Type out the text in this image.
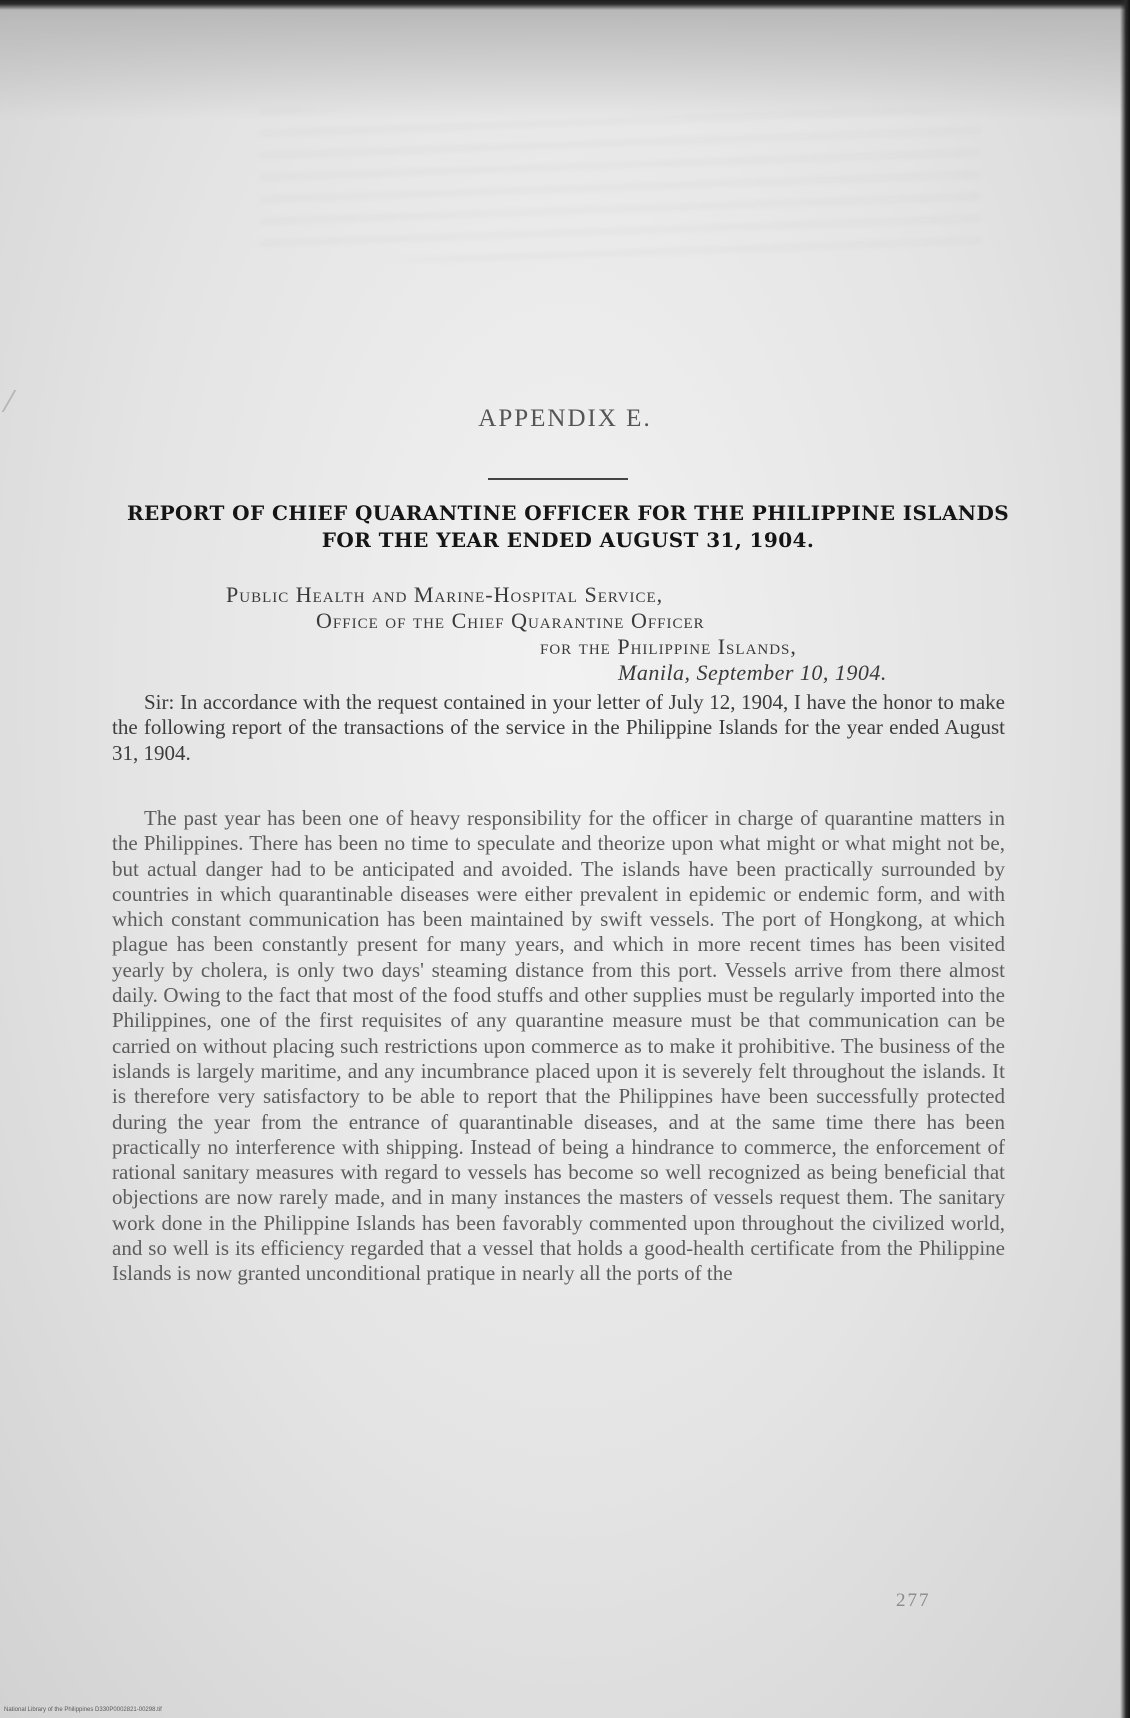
APPENDIX E.
REPORT OF CHIEF QUARANTINE OFFICER FOR THE PHILIPPINE ISLANDS FOR THE YEAR ENDED AUGUST 31, 1904.
Public Health and Marine-Hospital Service,
Office of the Chief Quarantine Officer
for the Philippine Islands,
Manila, September 10, 1904.

Sir: In accordance with the request contained in your letter of July 12, 1904, I have the honor to make the following report of the transactions of the service in the Philippine Islands for the year ended August 31, 1904.

The past year has been one of heavy responsibility for the officer in charge of quarantine matters in the Philippines. There has been no time to speculate and theorize upon what might or what might not be, but actual danger had to be anticipated and avoided. The islands have been practically surrounded by countries in which quarantinable diseases were either prevalent in epidemic or endemic form, and with which constant communication has been maintained by swift vessels. The port of Hongkong, at which plague has been constantly present for many years, and which in more recent times has been visited yearly by cholera, is only two days' steaming distance from this port. Vessels arrive from there almost daily. Owing to the fact that most of the food stuffs and other supplies must be regularly imported into the Philippines, one of the first requisites of any quarantine measure must be that communication can be carried on without placing such restrictions upon commerce as to make it prohibitive. The business of the islands is largely maritime, and any incumbrance placed upon it is severely felt throughout the islands. It is therefore very satisfactory to be able to report that the Philippines have been successfully protected during the year from the entrance of quarantinable diseases, and at the same time there has been practically no interference with shipping. Instead of being a hindrance to commerce, the enforcement of rational sanitary measures with regard to vessels has become so well recognized as being beneficial that objections are now rarely made, and in many instances the masters of vessels request them. The sanitary work done in the Philippine Islands has been favorably commented upon throughout the civilized world, and so well is its efficiency regarded that a vessel that holds a good-health certificate from the Philippine Islands is now granted unconditional pratique in nearly all the ports of the

277
National Library of the Philippines D330P0002821-00298.tif
